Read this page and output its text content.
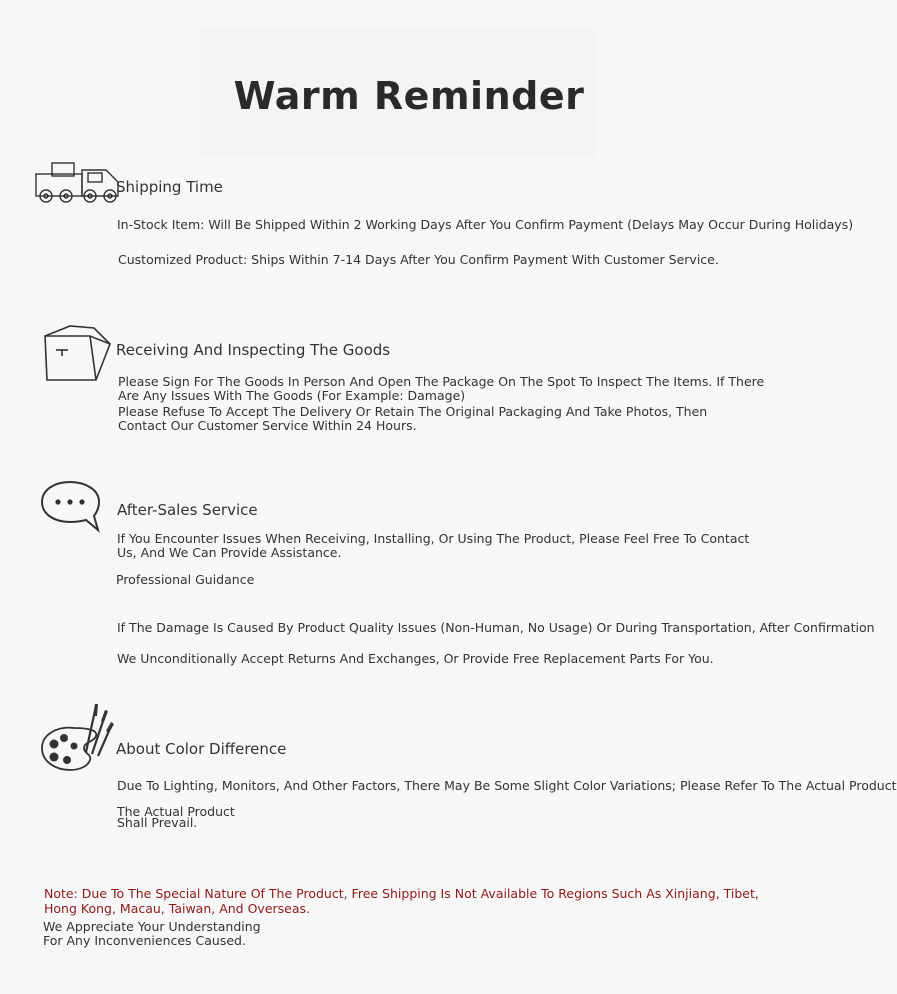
Warm Reminder
Shipping Time
In-Stock Item: Will Be Shipped Within 2 Working Days After You Confirm Payment (Delays May Occur During Holidays)
Customized Product: Ships Within 7-14 Days After You Confirm Payment With Customer Service.
Receiving And Inspecting The Goods
Please Sign For The Goods In Person And Open The Package On The Spot To Inspect The Items. If There Are Any Issues With The Goods (For Example: Damage)
Please Refuse To Accept The Delivery Or Retain The Original Packaging And Take Photos, Then Contact Our Customer Service Within 24 Hours.
After-Sales Service
If You Encounter Issues When Receiving, Installing, Or Using The Product, Please Feel Free To Contact Us, And We Can Provide Assistance.
Professional Guidance
If The Damage Is Caused By Product Quality Issues (Non-Human, No Usage) Or During Transportation, After Confirmation
We Unconditionally Accept Returns And Exchanges, Or Provide Free Replacement Parts For You.
About Color Difference
Due To Lighting, Monitors, And Other Factors, There May Be Some Slight Color Variations; Please Refer To The Actual Product
The Actual Product Shall Prevail.
Note: Due To The Special Nature Of The Product, Free Shipping Is Not Available To Regions Such As Xinjiang, Tibet, Hong Kong, Macau, Taiwan, And Overseas.
We Appreciate Your Understanding For Any Inconveniences Caused.
